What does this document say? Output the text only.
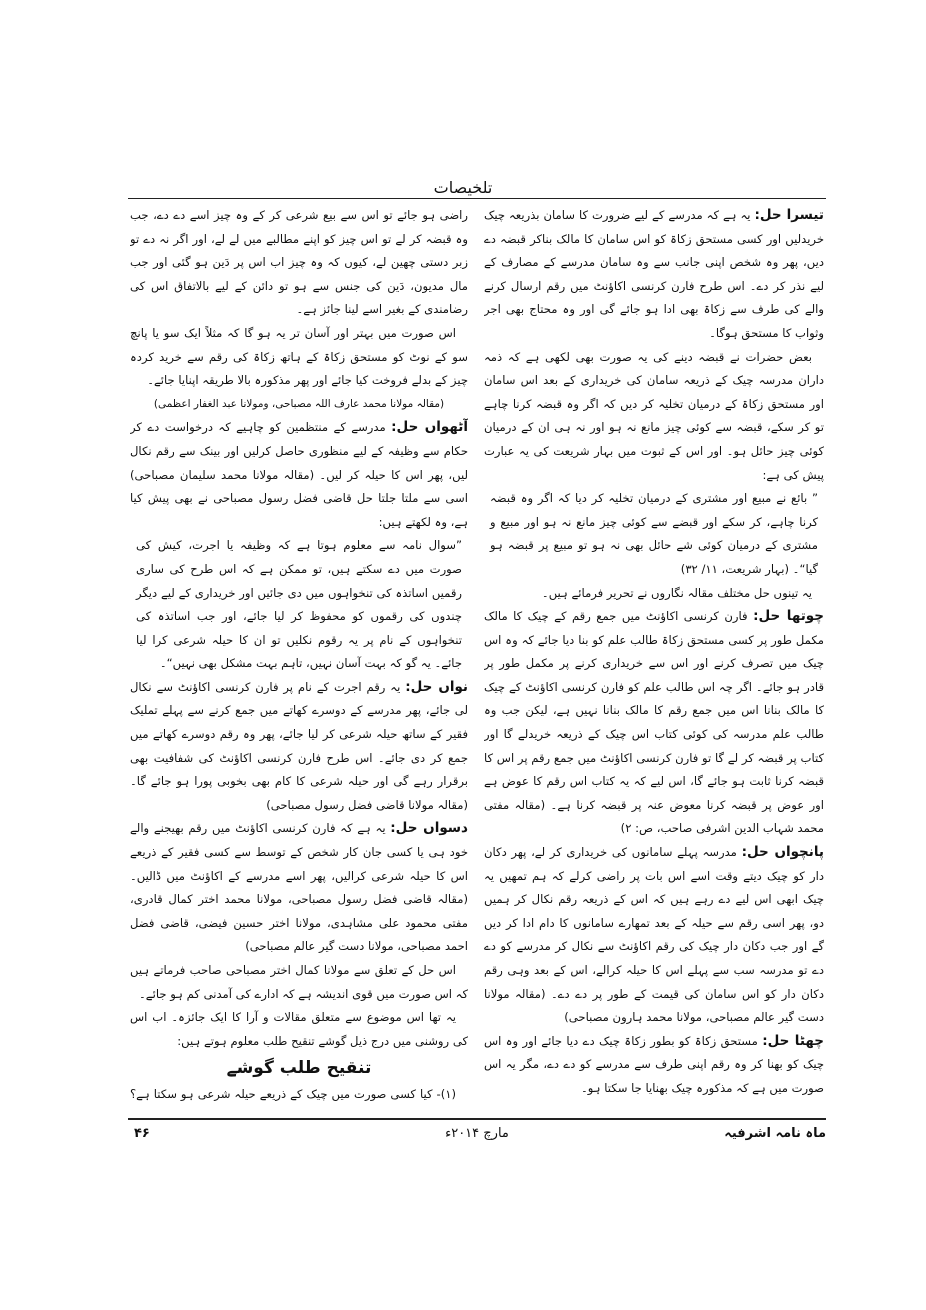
تلخیصات

تیسرا حل: یہ ہے کہ مدرسے کے لیے ضرورت کا سامان بذریعہ چیک خریدلیں اور کسی مستحق زکاۃ کو اس سامان کا مالک بناکر قبضہ دے دیں، پھر وہ شخص اپنی جانب سے وہ سامان مدرسے کے مصارف کے لیے نذر کر دے۔ اس طرح فارن کرنسی اکاؤنٹ میں رقم ارسال کرنے والے کی طرف سے زکاۃ بھی ادا ہو جائے گی اور وہ محتاج بھی اجر وثواب کا مستحق ہوگا۔

بعض حضرات نے قبضہ دینے کی یہ صورت بھی لکھی ہے کہ ذمہ داران مدرسہ چیک کے ذریعہ سامان کی خریداری کے بعد اس سامان اور مستحق زکاۃ کے درمیان تخلیہ کر دیں کہ اگر وہ قبضہ کرنا چاہے تو کر سکے، قبضہ سے کوئی چیز مانع نہ ہو اور نہ ہی ان کے درمیان کوئی چیز حائل ہو۔ اور اس کے ثبوت میں بہار شریعت کی یہ عبارت پیش کی ہے:

” بائع نے مبیع اور مشتری کے درمیان تخلیہ کر دیا کہ اگر وہ قبضہ کرنا چاہے، کر سکے اور قبضے سے کوئی چیز مانع نہ ہو اور مبیع و مشتری کے درمیان کوئی شے حائل بھی نہ ہو تو مبیع پر قبضہ ہو گیا“۔ (بہار شریعت، ۱۱/ ۳۲)

یہ تینوں حل مختلف مقالہ نگاروں نے تحریر فرمائے ہیں۔

چوتھا حل: فارن کرنسی اکاؤنٹ میں جمع رقم کے چیک کا مالک مکمل طور پر کسی مستحق زکاۃ طالب علم کو بنا دیا جائے کہ وہ اس چیک میں تصرف کرنے اور اس سے خریداری کرنے پر مکمل طور پر قادر ہو جائے۔ اگر چہ اس طالب علم کو فارن کرنسی اکاؤنٹ کے چیک کا مالک بنانا اس میں جمع رقم کا مالک بنانا نہیں ہے، لیکن جب وہ طالب علم مدرسہ کی کوئی کتاب اس چیک کے ذریعہ خریدلے گا اور کتاب پر قبضہ کر لے گا تو فارن کرنسی اکاؤنٹ میں جمع رقم پر اس کا قبضہ کرنا ثابت ہو جائے گا، اس لیے کہ یہ کتاب اس رقم کا عوض ہے اور عوض پر قبضہ کرنا معوض عنہ پر قبضہ کرنا ہے۔ (مقالہ مفتی محمد شہاب الدین اشرفی صاحب، ص: ۲)

پانچواں حل: مدرسہ پہلے سامانوں کی خریداری کر لے، پھر دکان دار کو چیک دیتے وقت اسے اس بات پر راضی کرلے کہ ہم تمھیں یہ چیک ابھی اس لیے دے رہے ہیں کہ اس کے ذریعہ رقم نکال کر ہمیں دو، پھر اسی رقم سے حیلہ کے بعد تمھارے سامانوں کا دام ادا کر دیں گے اور جب دکان دار چیک کی رقم اکاؤنٹ سے نکال کر مدرسے کو دے دے تو مدرسہ سب سے پہلے اس کا حیلہ کرالے، اس کے بعد وہی رقم دکان دار کو اس سامان کی قیمت کے طور پر دے دے۔ (مقالہ مولانا دست گیر عالم مصباحی، مولانا محمد ہارون مصباحی)

چھٹا حل: مستحق زکاۃ کو بطور زکاۃ چیک دے دیا جائے اور وہ اس چیک کو بھنا کر وہ رقم اپنی طرف سے مدرسے کو دے دے، مگر یہ اس صورت میں ہے کہ مذکورہ چیک بھنایا جا سکتا ہو۔

راضی ہو جائے تو اس سے بیع شرعی کر کے وہ چیز اسے دے دے، جب وہ قبضہ کر لے تو اس چیز کو اپنے مطالبے میں لے لے، اور اگر نہ دے تو زبر دستی چھین لے، کیوں کہ وہ چیز اب اس پر دَین ہو گئی اور جب مال مدیون، دَین کی جنس سے ہو تو دائن کے لیے بالاتفاق اس کی رضامندی کے بغیر اسے لینا جائز ہے۔

اس صورت میں بہتر اور آسان تر یہ ہو گا کہ مثلاً ایک سو یا پانچ سو کے نوٹ کو مستحق زکاۃ کے ہاتھ زکاۃ کی رقم سے خرید کردہ چیز کے بدلے فروخت کیا جائے اور پھر مذکورہ بالا طریقہ اپنایا جائے۔

(مقالہ مولانا محمد عارف اللہ مصباحی، ومولانا عبد الغفار اعظمی)

آٹھواں حل: مدرسے کے منتظمین کو چاہیے کہ درخواست دے کر حکام سے وظیفہ کے لیے منظوری حاصل کرلیں اور بینک سے رقم نکال لیں، پھر اس کا حیلہ کر لیں۔ (مقالہ مولانا محمد سلیمان مصباحی) اسی سے ملتا جلتا حل قاضی فضل رسول مصباحی نے بھی پیش کیا ہے، وہ لکھتے ہیں:

”سوال نامہ سے معلوم ہوتا ہے کہ وظیفہ یا اجرت، کیش کی صورت میں دے سکتے ہیں، تو ممکن ہے کہ اس طرح کی ساری رقمیں اساتذہ کی تنخواہوں میں دی جائیں اور خریداری کے لیے دیگر چندوں کی رقموں کو محفوظ کر لیا جائے، اور جب اساتذہ کی تنخواہوں کے نام پر یہ رقوم نکلیں تو ان کا حیلہ شرعی کرا لیا جائے۔ یہ گو کہ بہت آسان نہیں، تاہم بہت مشکل بھی نہیں“۔

نواں حل: یہ رقم اجرت کے نام پر فارن کرنسی اکاؤنٹ سے نکال لی جائے، پھر مدرسے کے دوسرے کھاتے میں جمع کرنے سے پہلے تملیک فقیر کے ساتھ حیلہ شرعی کر لیا جائے، پھر وہ رقم دوسرے کھاتے میں جمع کر دی جائے۔ اس طرح فارن کرنسی اکاؤنٹ کی شفافیت بھی برقرار رہے گی اور حیلہ شرعی کا کام بھی بخوبی پورا ہو جائے گا۔ (مقالہ مولانا قاضی فضل رسول مصباحی)

دسواں حل: یہ ہے کہ فارن کرنسی اکاؤنٹ میں رقم بھیجنے والے خود ہی یا کسی جان کار شخص کے توسط سے کسی فقیر کے ذریعے اس کا حیلہ شرعی کرالیں، پھر اسے مدرسے کے اکاؤنٹ میں ڈالیں۔ (مقالہ قاضی فضل رسول مصباحی، مولانا محمد اختر کمال قادری، مفتی محمود علی مشاہدی، مولانا اختر حسین فیضی، قاضی فضل احمد مصباحی، مولانا دست گیر عالم مصباحی)

اس حل کے تعلق سے مولانا کمال اختر مصباحی صاحب فرماتے ہیں کہ اس صورت میں قوی اندیشہ ہے کہ ادارے کی آمدنی کم ہو جائے۔

یہ تھا اس موضوع سے متعلق مقالات و آرا کا ایک جائزہ۔ اب اس کی روشنی میں درج ذیل گوشے تنقیح طلب معلوم ہوتے ہیں:

تنقیح طلب گوشے

(۱)- کیا کسی صورت میں چیک کے ذریعے حیلہ شرعی ہو سکتا ہے؟

ماہ نامہ اشرفیہ
مارچ ۲۰۱۴ء
۴۶
